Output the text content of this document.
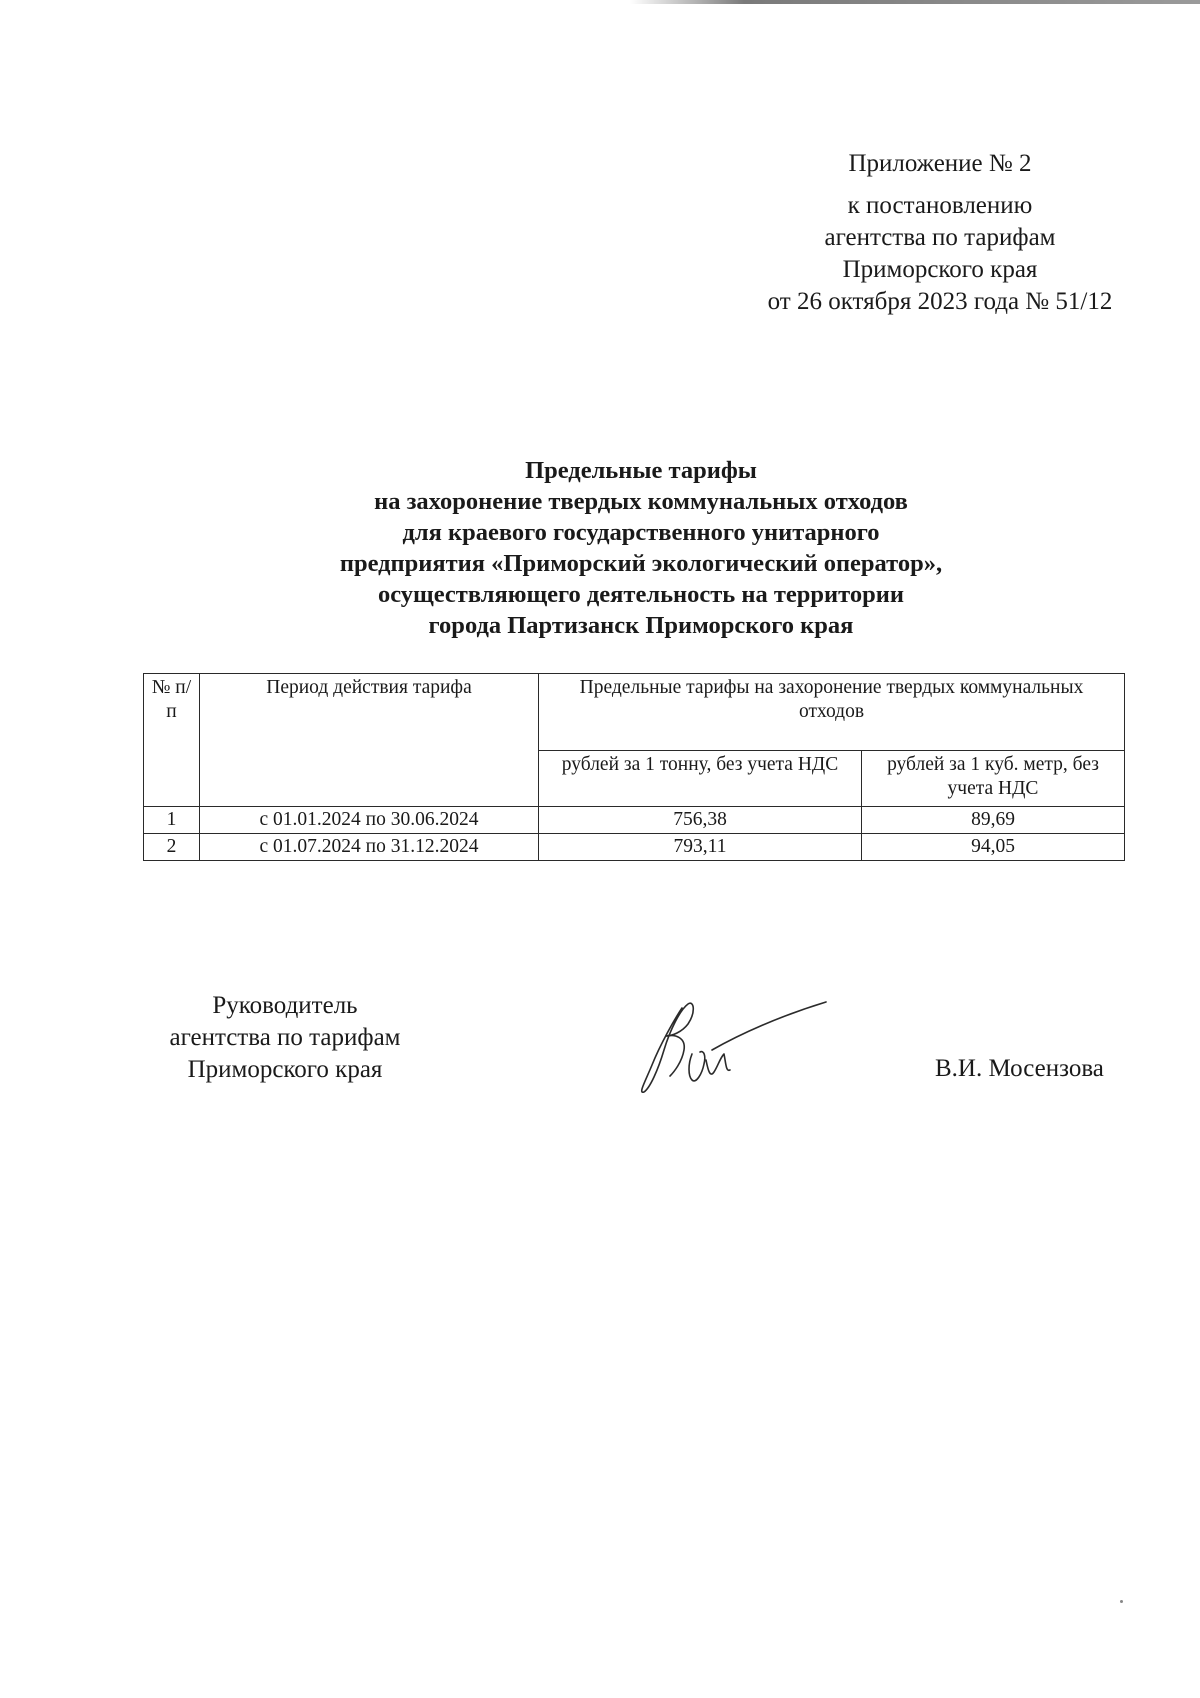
Приложение № 2
к постановлению
агентства по тарифам
Приморского края
от 26 октября 2023 года № 51/12
Предельные тарифы
на захоронение твердых коммунальных отходов
для краевого государственного унитарного
предприятия «Приморский экологический оператор»,
осуществляющего деятельность на территории
города Партизанск Приморского края
№ п/п	Период действия тарифа	Предельные тарифы на захоронение твердых коммунальных отходов	
		рублей за 1 тонну, без учета НДС	рублей за 1 куб. метр, без учета НДС
1	с 01.01.2024 по 30.06.2024	756,38	89,69
2	с 01.07.2024 по 31.12.2024	793,11	94,05
Руководитель
агентства по тарифам
Приморского края	В.И. Мосензова
